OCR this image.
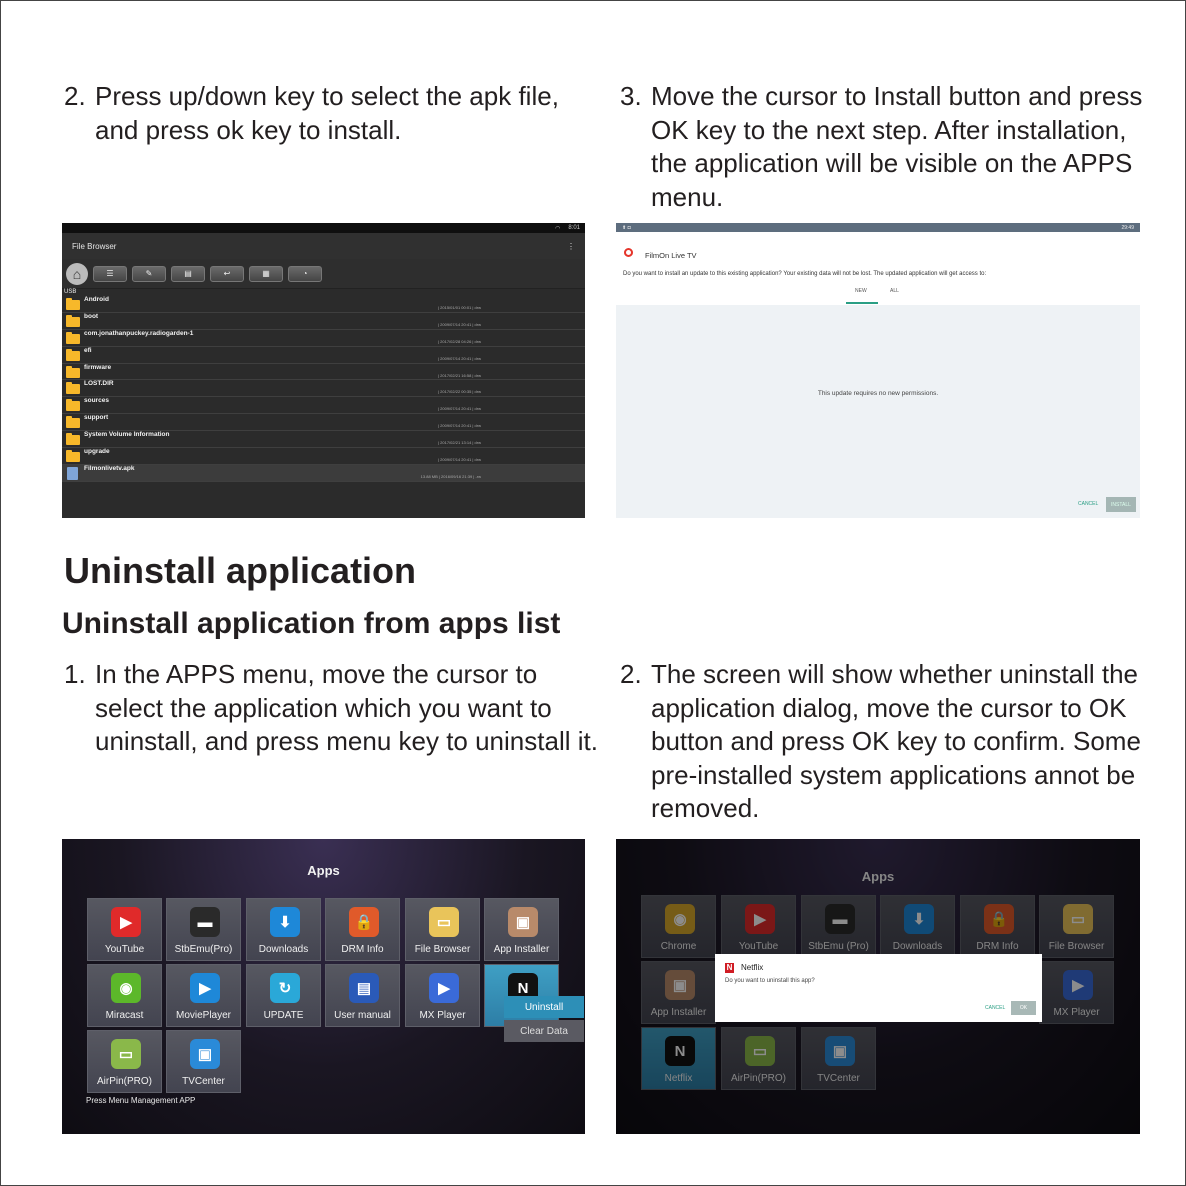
2. Press up/down key to select the apk file, and press ok key to install.
3. Move the cursor to Install button and press OK key to the next step. After installation, the application will be visible on the APPS menu.
◠ 8:01
File Browser	⋮
⌂	☰	✎	▤	↩	▦	◔
USB
Android
| 2015/01/01 00:01 | drw
boot
| 2009/07/14 20:41 | drw
com.jonathanpuckey.radiogarden-1
| 2017/02/28 04:26 | drw
efi
| 2009/07/14 20:41 | drw
firmware
| 2017/02/21 16:58 | drw
LOST.DIR
| 2017/02/22 00:35 | drw
sources
| 2009/07/14 20:41 | drw
support
| 2009/07/14 20:41 | drw
System Volume Information
| 2017/02/21 13:14 | drw
upgrade
| 2009/07/14 20:41 | drw
Filmonlivetv.apk
13.88 MB | 2016/09/16 21:39 | -rw
⬆ ◘	29:49
FilmOn Live TV
Do you want to install an update to this existing application? Your existing data will not be lost. The updated application will get access to:
NEW	ALL
This update requires no new permissions.
CANCEL	INSTALL
Uninstall application
Uninstall application from apps list
1. In the APPS menu, move the cursor to select the application which you want to uninstall, and press menu key to uninstall it.
2. The screen will show whether uninstall the application dialog, move the cursor to OK button and press OK key to confirm. Some pre-installed system applications annot be removed.
Apps
▶
YouTube
▬
StbEmu(Pro)
⬇
Downloads
🔒
DRM Info
▭
File Browser
▣
App Installer
◉
Miracast
▶
MoviePlayer
↻
UPDATE
▤
User manual
▶
MX Player
N
▭
AirPin(PRO)
▣
TVCenter
Uninstall
Clear Data
Press Menu Management APP
Apps
◉
Chrome
▶
YouTube
▬
StbEmu (Pro)
⬇
Downloads
🔒
DRM Info
▭
File Browser
▣
App Installer
▶
MX Player
N
Netflix
▭
AirPin(PRO)
▣
TVCenter
N Netflix
Do you want to uninstall this app?
CANCEL	OK
